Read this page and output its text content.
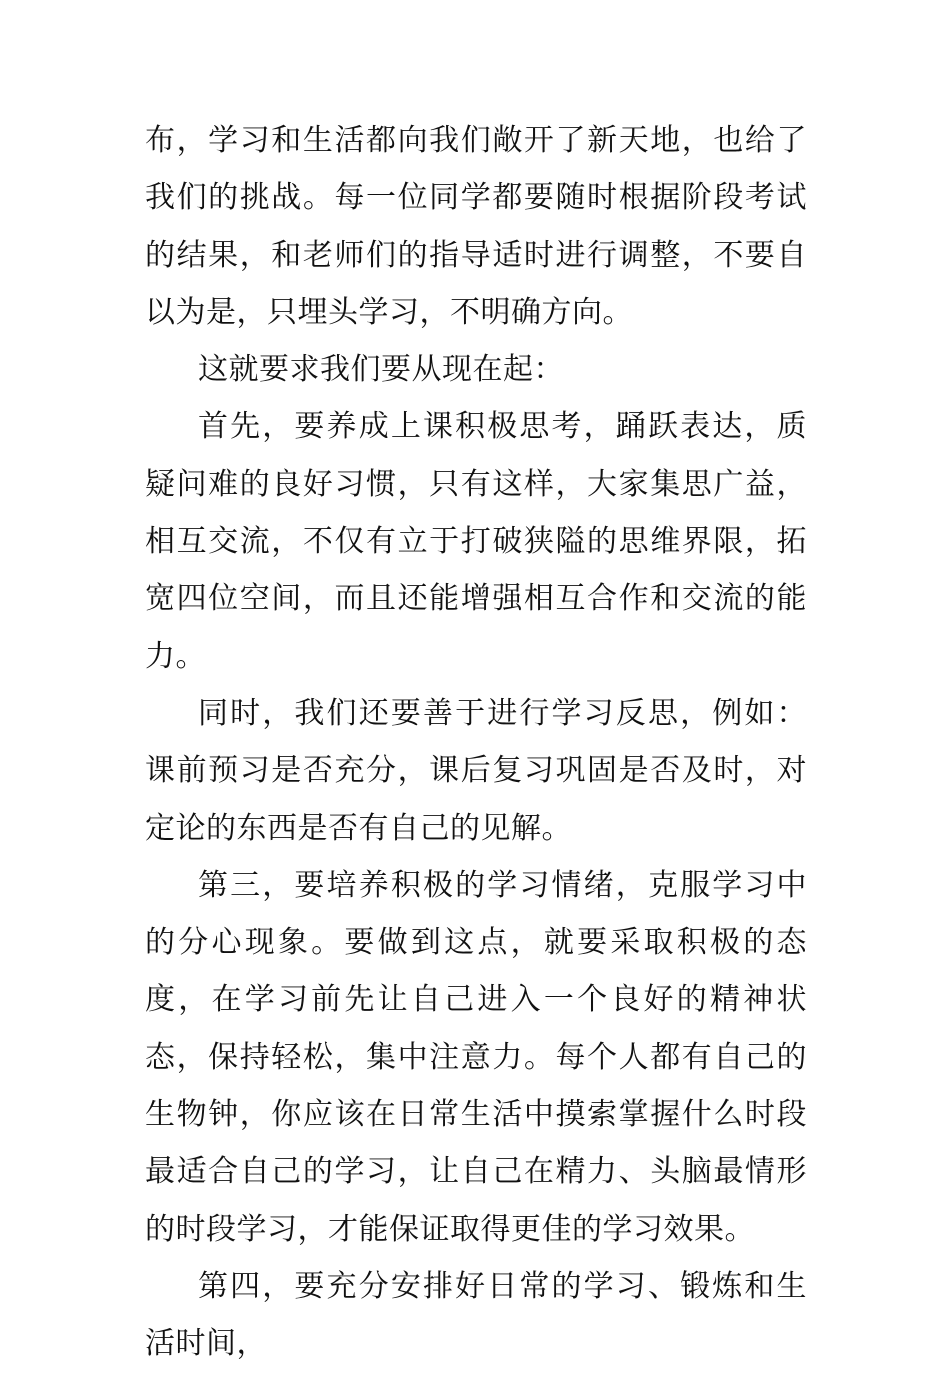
布，学习和生活都向我们敞开了新天地，也给了我们的挑战。每一位同学都要随时根据阶段考试的结果，和老师们的指导适时进行调整，不要自以为是，只埋头学习，不明确方向。

这就要求我们要从现在起：

首先，要养成上课积极思考，踊跃表达，质疑问难的良好习惯，只有这样，大家集思广益，相互交流，不仅有立于打破狭隘的思维界限，拓宽四位空间，而且还能增强相互合作和交流的能力。

同时，我们还要善于进行学习反思，例如：课前预习是否充分，课后复习巩固是否及时，对定论的东西是否有自己的见解。

第三，要培养积极的学习情绪，克服学习中的分心现象。要做到这点，就要采取积极的态度，在学习前先让自己进入一个良好的精神状态，保持轻松，集中注意力。每个人都有自己的生物钟，你应该在日常生活中摸索掌握什么时段最适合自己的学习，让自己在精力、头脑最情形的时段学习，才能保证取得更佳的学习效果。

第四，要充分安排好日常的学习、锻炼和生活时间，
